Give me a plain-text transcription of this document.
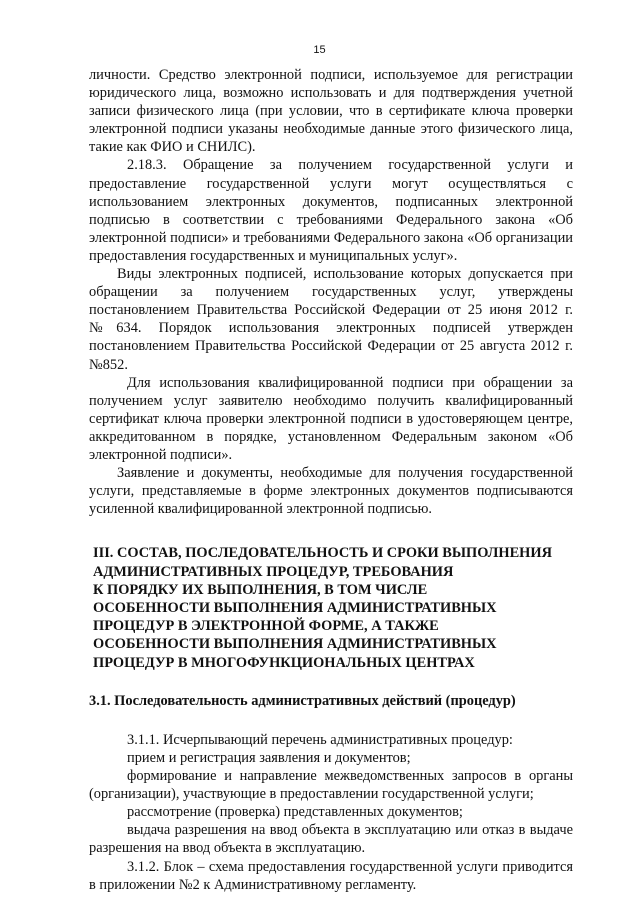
15

личности. Средство электронной подписи, используемое для регистрации юридического лица, возможно использовать и для подтверждения учетной записи физического лица (при условии, что в сертификате ключа проверки электронной подписи указаны необходимые данные этого физического лица, такие как ФИО и СНИЛС).

2.18.3. Обращение за получением государственной услуги и предоставление государственной услуги могут осуществляться с использованием электронных документов, подписанных электронной подписью в соответствии с требованиями Федерального закона «Об электронной подписи» и требованиями Федерального закона «Об организации предоставления государственных и муниципальных услуг».

Виды электронных подписей, использование которых допускается при обращении за получением государственных услуг, утверждены постановлением Правительства Российской Федерации от 25 июня 2012 г. №634. Порядок использования электронных подписей утвержден постановлением Правительства Российской Федерации от 25 августа 2012 г. №852.

Для использования квалифицированной подписи при обращении за получением услуг заявителю необходимо получить квалифицированный сертификат ключа проверки электронной подписи в удостоверяющем центре, аккредитованном в порядке, установленном Федеральным законом «Об электронной подписи».

Заявление и документы, необходимые для получения государственной услуги, представляемые в форме электронных документов подписываются усиленной квалифицированной электронной подписью.

III. СОСТАВ, ПОСЛЕДОВАТЕЛЬНОСТЬ И СРОКИ ВЫПОЛНЕНИЯ

АДМИНИСТРАТИВНЫХ ПРОЦЕДУР, ТРЕБОВАНИЯ

К ПОРЯДКУ ИХ ВЫПОЛНЕНИЯ, В ТОМ ЧИСЛЕ

ОСОБЕННОСТИ ВЫПОЛНЕНИЯ АДМИНИСТРАТИВНЫХ

ПРОЦЕДУР В ЭЛЕКТРОННОЙ ФОРМЕ, А ТАКЖЕ

ОСОБЕННОСТИ ВЫПОЛНЕНИЯ АДМИНИСТРАТИВНЫХ

ПРОЦЕДУР В МНОГОФУНКЦИОНАЛЬНЫХ ЦЕНТРАХ

3.1. Последовательность административных действий (процедур)

3.1.1. Исчерпывающий перечень административных процедур:

прием и регистрация заявления и документов;

формирование и направление межведомственных запросов в органы (организации), участвующие в предоставлении государственной услуги;

рассмотрение (проверка) представленных документов;

выдача разрешения на ввод объекта в эксплуатацию или отказ в выдаче разрешения на ввод объекта в эксплуатацию.

3.1.2. Блок – схема предоставления государственной услуги приводится в приложении №2 к Административному регламенту.
